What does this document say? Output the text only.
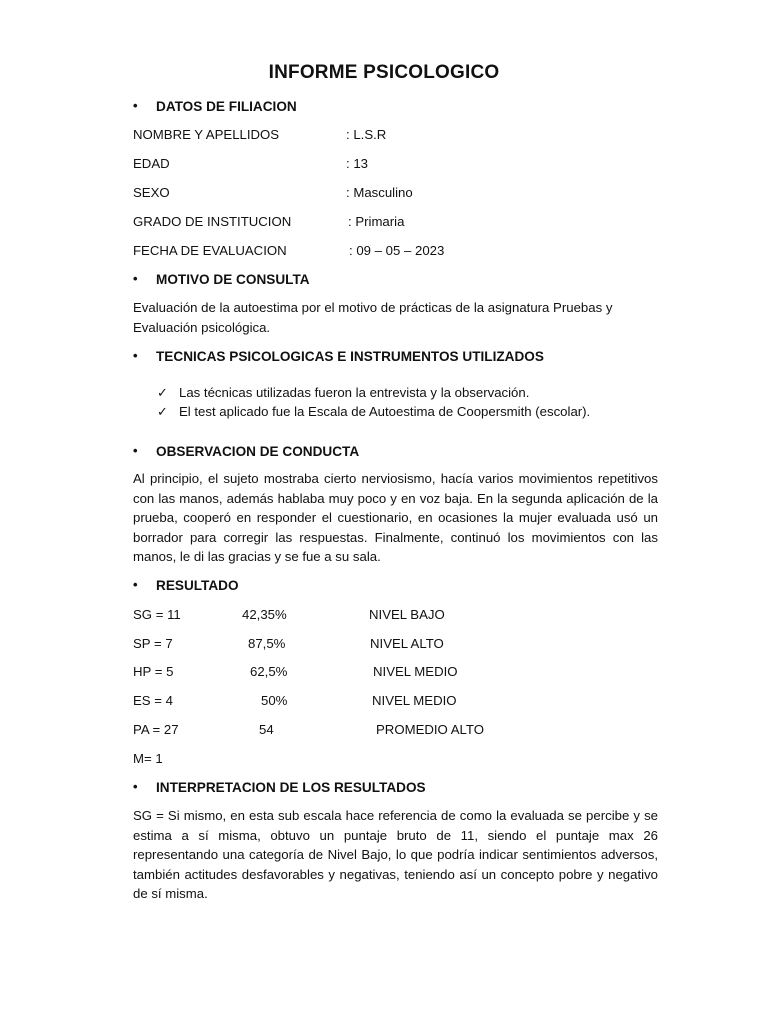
INFORME PSICOLOGICO
• DATOS DE FILIACION
NOMBRE Y APELLIDOS	: L.S.R
EDAD	: 13
SEXO	: Masculino
GRADO DE INSTITUCION	: Primaria
FECHA DE EVALUACION	: 09 – 05 – 2023
• MOTIVO DE CONSULTA
Evaluación de la autoestima por el motivo de prácticas de la asignatura Pruebas y Evaluación psicológica.
• TECNICAS PSICOLOGICAS E INSTRUMENTOS UTILIZADOS
✓ Las técnicas utilizadas fueron la entrevista y la observación.
✓ El test aplicado fue la Escala de Autoestima de Coopersmith (escolar).
• OBSERVACION DE CONDUCTA
Al principio, el sujeto mostraba cierto nerviosismo, hacía varios movimientos repetitivos con las manos, además hablaba muy poco y en voz baja. En la segunda aplicación de la prueba, cooperó en responder el cuestionario, en ocasiones la mujer evaluada usó un borrador para corregir las respuestas. Finalmente, continuó los movimientos con las manos, le di las gracias y se fue a su sala.
• RESULTADO
SG = 11	42,35%	NIVEL BAJO
SP = 7	87,5%	NIVEL ALTO
HP = 5	62,5%	NIVEL MEDIO
ES = 4	50%	NIVEL MEDIO
PA = 27	54	PROMEDIO ALTO
M= 1
• INTERPRETACION DE LOS RESULTADOS
SG = Si mismo, en esta sub escala hace referencia de como la evaluada se percibe y se estima a sí misma, obtuvo un puntaje bruto de 11, siendo el puntaje max 26 representando una categoría de Nivel Bajo, lo que podría indicar sentimientos adversos, también actitudes desfavorables y negativas, teniendo así un concepto pobre y negativo de sí misma.
